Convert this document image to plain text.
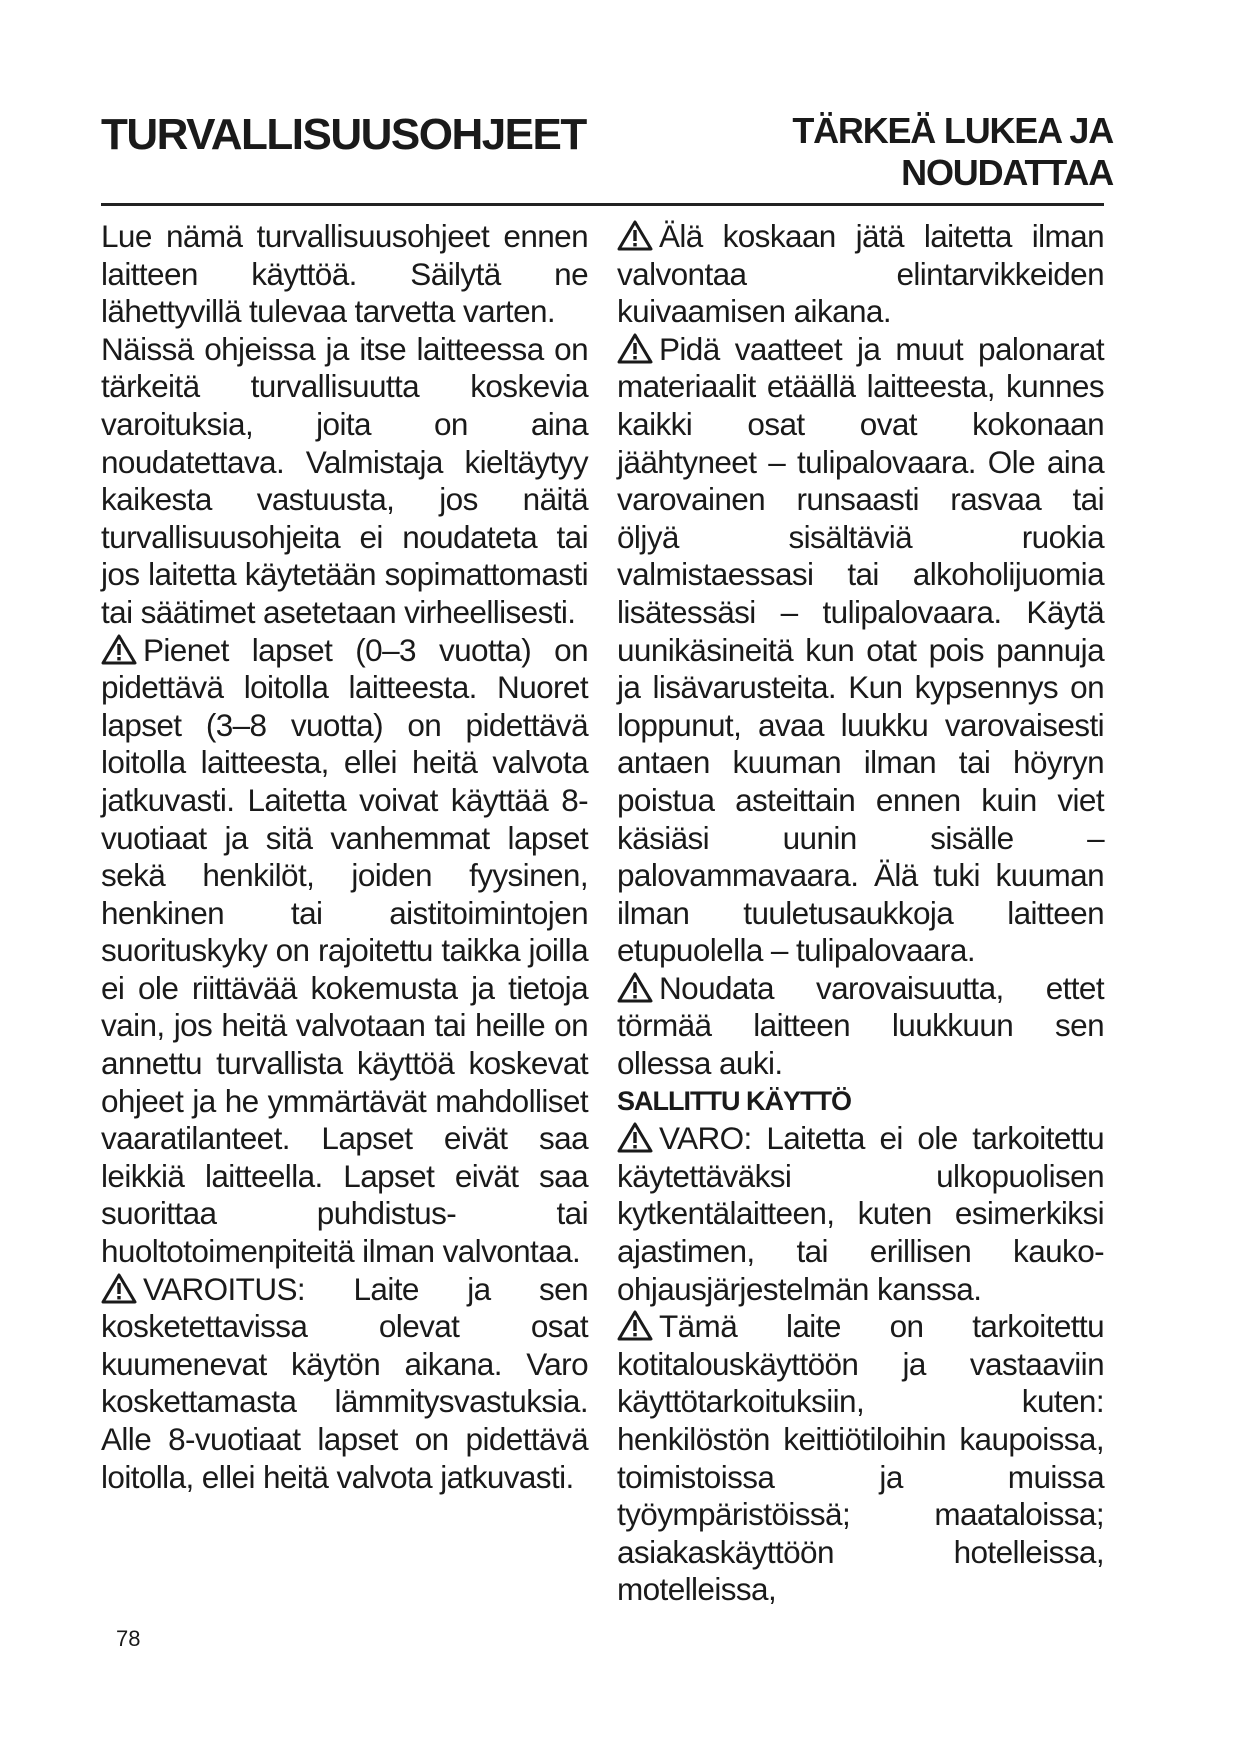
TURVALLISUUSOHJEET	TÄRKEÄ LUKEA JA
NOUDATTAA

Lue nämä turvallisuusohjeet ennen laitteen käyttöä. Säilytä ne lähettyvillä tulevaa tarvetta varten.

Näissä ohjeissa ja itse laitteessa on tärkeitä turvallisuutta koskevia varoituksia, joita on aina noudatettava. Valmistaja kieltäytyy kaikesta vastuusta, jos näitä turvallisuusohjeita ei noudateta tai jos laitetta käytetään sopimattomasti tai säätimet asetetaan virheellisesti.

Pienet lapset (0–3 vuotta) on pidettävä loitolla laitteesta. Nuoret lapset (3–8 vuotta) on pidettävä loitolla laitteesta, ellei heitä valvota jatkuvasti. Laitetta voivat käyttää 8-vuotiaat ja sitä vanhemmat lapset sekä henkilöt, joiden fyysinen, henkinen tai aistitoimintojen suorituskyky on rajoitettu taikka joilla ei ole riittävää kokemusta ja tietoja vain, jos heitä valvotaan tai heille on annettu turvallista käyttöä koskevat ohjeet ja he ymmärtävät mahdolliset vaaratilanteet. Lapset eivät saa leikkiä laitteella. Lapset eivät saa suorittaa puhdistus- tai huoltotoimenpiteitä ilman valvontaa.

VAROITUS: Laite ja sen kosketettavissa olevat osat kuumenevat käytön aikana. Varo koskettamasta lämmitysvastuksia. Alle 8-vuotiaat lapset on pidettävä loitolla, ellei heitä valvota jatkuvasti.

Älä koskaan jätä laitetta ilman valvontaa elintarvikkeiden kuivaamisen aikana.

Pidä vaatteet ja muut palonarat materiaalit etäällä laitteesta, kunnes kaikki osat ovat kokonaan jäähtyneet – tulipalovaara. Ole aina varovainen runsaasti rasvaa tai öljyä sisältäviä ruokia valmistaessasi tai alkoholijuomia lisätessäsi – tulipalovaara. Käytä uunikäsineitä kun otat pois pannuja ja lisävarusteita. Kun kypsennys on loppunut, avaa luukku varovaisesti antaen kuuman ilman tai höyryn poistua asteittain ennen kuin viet käsiäsi uunin sisälle – palovammavaara. Älä tuki kuuman ilman tuuletusaukkoja laitteen etupuolella – tulipalovaara.

Noudata varovaisuutta, ettet törmää laitteen luukkuun sen ollessa auki.

SALLITTU KÄYTTÖ

VARO: Laitetta ei ole tarkoitettu käytettäväksi ulkopuolisen kytkentälaitteen, kuten esimerkiksi ajastimen, tai erillisen kauko-ohjausjärjestelmän kanssa.

Tämä laite on tarkoitettu kotitalouskäyttöön ja vastaaviin käyttötarkoituksiin, kuten: henkilöstön keittiötiloihin kaupoissa, toimistoissa ja muissa työympäristöissä; maataloissa; asiakaskäyttöön hotelleissa, motelleissa,

78
